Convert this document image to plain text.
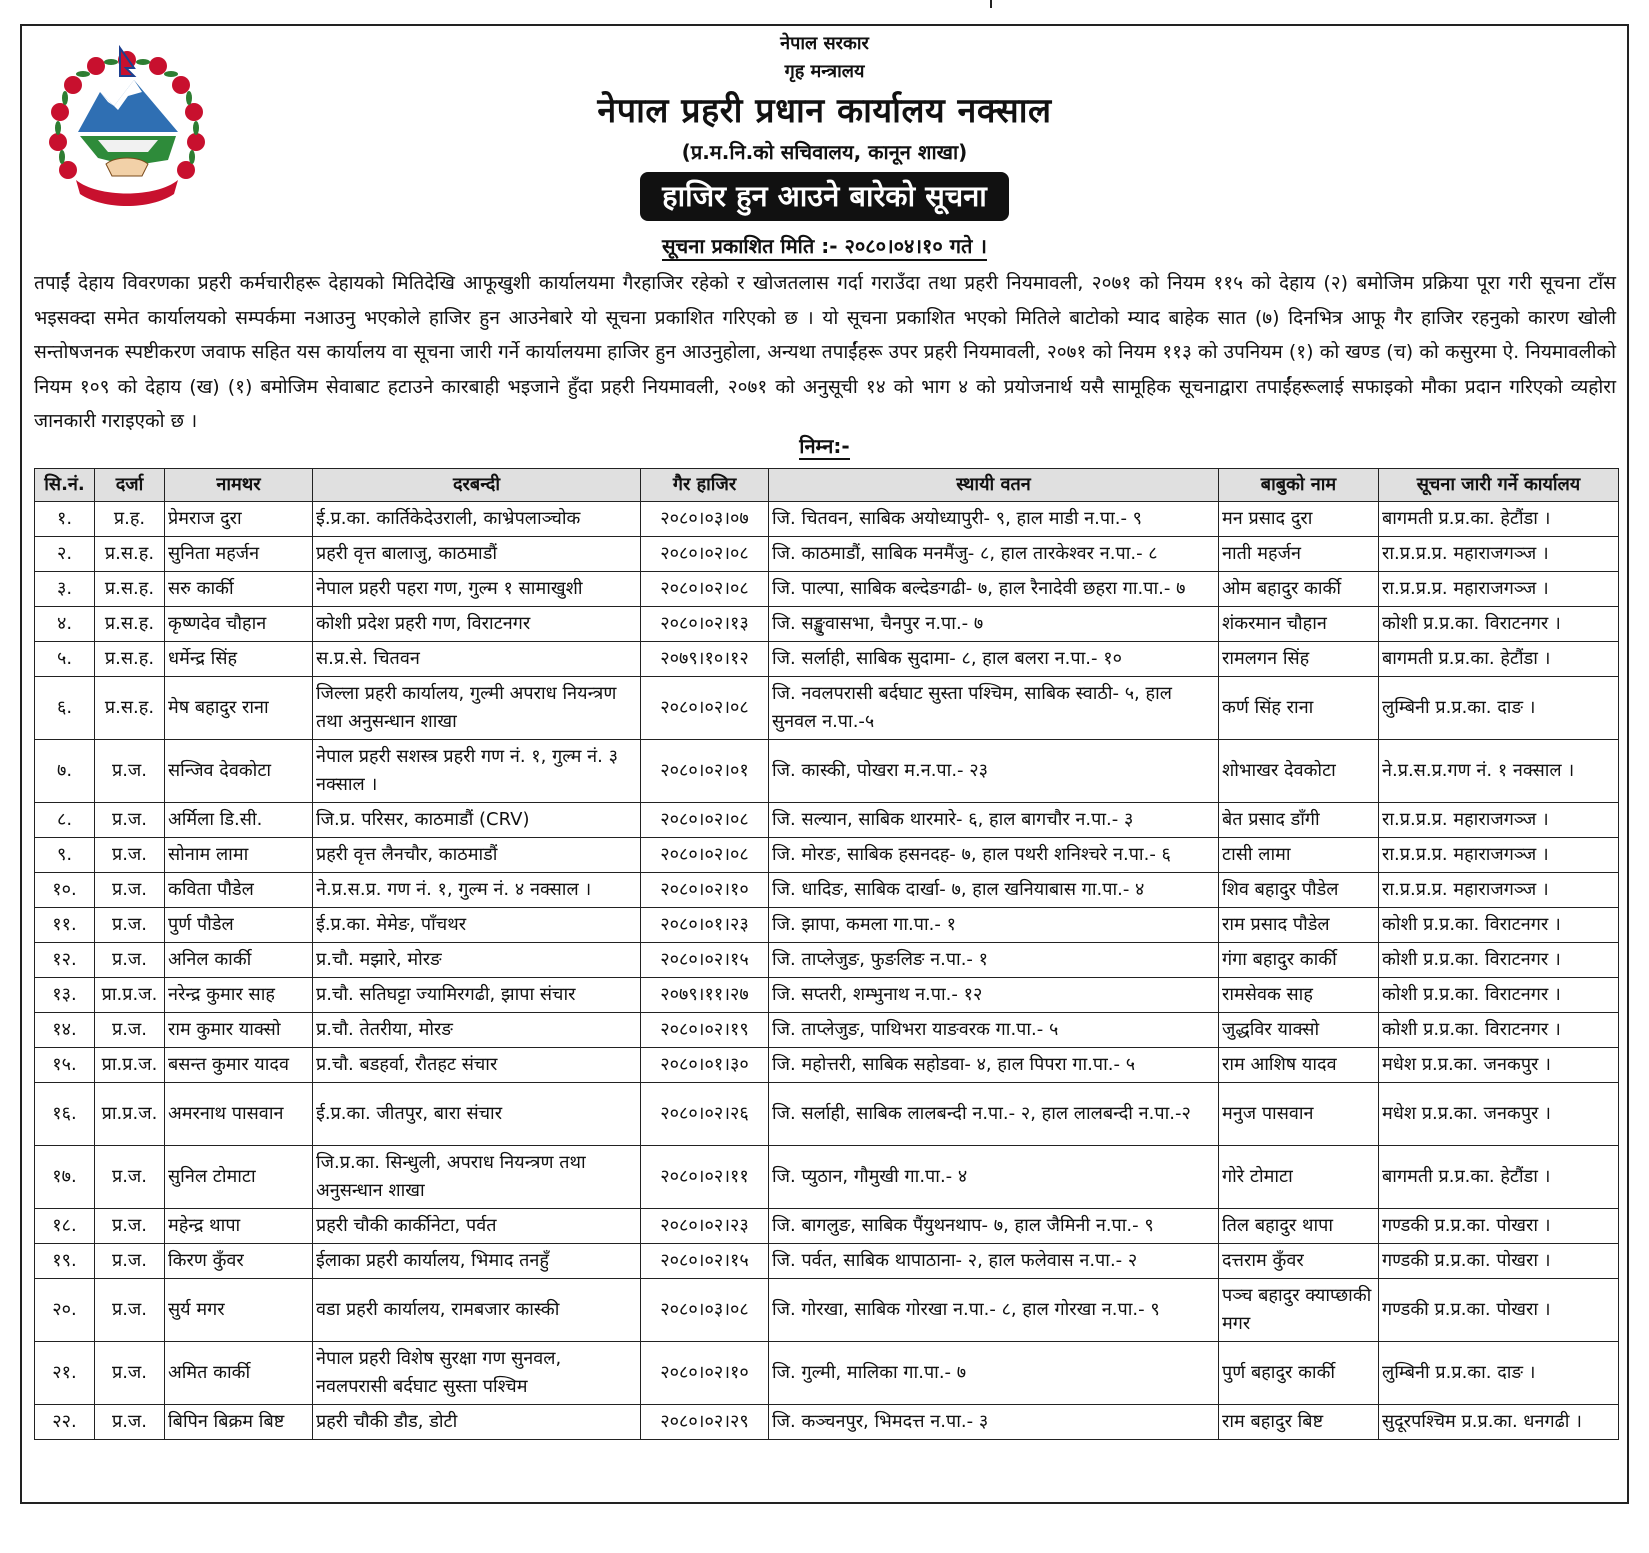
नेपाल सरकार
गृह मन्त्रालय
नेपाल प्रहरी प्रधान कार्यालय नक्साल
(प्र.म.नि.को सचिवालय, कानून शाखा)
हाजिर हुन आउने बारेको सूचना
सूचना प्रकाशित मिति :- २०८०।०४।१० गते ।
तपाईं देहाय विवरणका प्रहरी कर्मचारीहरू देहायको मितिदेखि आफूखुशी कार्यालयमा गैरहाजिर रहेको र खोजतलास गर्दा गराउँदा तथा प्रहरी नियमावली, २०७१ को नियम ११५ को देहाय (२) बमोजिम प्रक्रिया पूरा गरी सूचना टाँस भइसक्दा समेत कार्यालयको सम्पर्कमा नआउनु भएकोले हाजिर हुन आउनेबारे यो सूचना प्रकाशित गरिएको छ । यो सूचना प्रकाशित भएको मितिले बाटोको म्याद बाहेक सात (७) दिनभित्र आफू गैर हाजिर रहनुको कारण खोली सन्तोषजनक स्पष्टीकरण जवाफ सहित यस कार्यालय वा सूचना जारी गर्ने कार्यालयमा हाजिर हुन आउनुहोला, अन्यथा तपाईंहरू उपर प्रहरी नियमावली, २०७१ को नियम ११३ को उपनियम (१) को खण्ड (च) को कसुरमा ऐ. नियमावलीको नियम १०९ को देहाय (ख) (१) बमोजिम सेवाबाट हटाउने कारबाही भइजाने हुँदा प्रहरी नियमावली, २०७१ को अनुसूची १४ को भाग ४ को प्रयोजनार्थ यसै सामूहिक सूचनाद्वारा तपाईंहरूलाई सफाइको मौका प्रदान गरिएको व्यहोरा जानकारी गराइएको छ ।
निम्न:-
सि.नं.	दर्जा	नामथर	दरबन्दी	गैर हाजिर	स्थायी वतन	बाबुको नाम	सूचना जारी गर्ने कार्यालय
१.	प्र.ह.	प्रेमराज दुरा	ई.प्र.का. कार्तिकेदेउराली, काभ्रेपलाञ्चोक	२०८०।०३।०७	जि. चितवन, साबिक अयोध्यापुरी- ९, हाल माडी न.पा.- ९	मन प्रसाद दुरा	बागमती प्र.प्र.का. हेटौंडा ।
२.	प्र.स.ह.	सुनिता महर्जन	प्रहरी वृत्त बालाजु, काठमाडौं	२०८०।०२।०८	जि. काठमाडौं, साबिक मनमैंजु- ८, हाल तारकेश्वर न.पा.- ८	नाती महर्जन	रा.प्र.प्र.प्र. महाराजगञ्ज ।
३.	प्र.स.ह.	सरु कार्की	नेपाल प्रहरी पहरा गण, गुल्म १ सामाखुशी	२०८०।०२।०८	जि. पाल्पा, साबिक बल्देङगढी- ७, हाल रैनादेवी छहरा गा.पा.- ७	ओम बहादुर कार्की	रा.प्र.प्र.प्र. महाराजगञ्ज ।
४.	प्र.स.ह.	कृष्णदेव चौहान	कोशी प्रदेश प्रहरी गण, विराटनगर	२०८०।०२।१३	जि. सङ्खुवासभा, चैनपुर न.पा.- ७	शंकरमान चौहान	कोशी प्र.प्र.का. विराटनगर ।
५.	प्र.स.ह.	धर्मेन्द्र सिंह	स.प्र.से. चितवन	२०७९।१०।१२	जि. सर्लाही, साबिक सुदामा- ८, हाल बलरा न.पा.- १०	रामलगन सिंह	बागमती प्र.प्र.का. हेटौंडा ।
६.	प्र.स.ह.	मेष बहादुर राना	जिल्ला प्रहरी कार्यालय, गुल्मी अपराध नियन्त्रण तथा अनुसन्धान शाखा	२०८०।०२।०८	जि. नवलपरासी बर्दघाट सुस्ता पश्चिम, साबिक स्वाठी- ५, हाल सुनवल न.पा.-५	कर्ण सिंह राना	लुम्बिनी प्र.प्र.का. दाङ ।
७.	प्र.ज.	सन्जिव देवकोटा	नेपाल प्रहरी सशस्त्र प्रहरी गण नं. १, गुल्म नं. ३ नक्साल ।	२०८०।०२।०१	जि. कास्की, पोखरा म.न.पा.- २३	शोभाखर देवकोटा	ने.प्र.स.प्र.गण नं. १ नक्साल ।
८.	प्र.ज.	अर्मिला डि.सी.	जि.प्र. परिसर, काठमाडौं (CRV)	२०८०।०२।०८	जि. सल्यान, साबिक थारमारे- ६, हाल बागचौर न.पा.- ३	बेत प्रसाद डाँगी	रा.प्र.प्र.प्र. महाराजगञ्ज ।
९.	प्र.ज.	सोनाम लामा	प्रहरी वृत्त लैनचौर, काठमाडौं	२०८०।०२।०८	जि. मोरङ, साबिक हसनदह- ७, हाल पथरी शनिश्चरे न.पा.- ६	टासी लामा	रा.प्र.प्र.प्र. महाराजगञ्ज ।
१०.	प्र.ज.	कविता पौडेल	ने.प्र.स.प्र. गण नं. १, गुल्म नं. ४ नक्साल ।	२०८०।०२।१०	जि. धादिङ, साबिक दार्खा- ७, हाल खनियाबास गा.पा.- ४	शिव बहादुर पौडेल	रा.प्र.प्र.प्र. महाराजगञ्ज ।
११.	प्र.ज.	पुर्ण पौडेल	ई.प्र.का. मेमेङ, पाँचथर	२०८०।०१।२३	जि. झापा, कमला गा.पा.- १	राम प्रसाद पौडेल	कोशी प्र.प्र.का. विराटनगर ।
१२.	प्र.ज.	अनिल कार्की	प्र.चौ. मझारे, मोरङ	२०८०।०२।१५	जि. ताप्लेजुङ, फुङलिङ न.पा.- १	गंगा बहादुर कार्की	कोशी प्र.प्र.का. विराटनगर ।
१३.	प्रा.प्र.ज.	नरेन्द्र कुमार साह	प्र.चौ. सतिघट्टा ज्यामिरगढी, झापा संचार	२०७९।११।२७	जि. सप्तरी, शम्भुनाथ न.पा.- १२	रामसेवक साह	कोशी प्र.प्र.का. विराटनगर ।
१४.	प्र.ज.	राम कुमार याक्सो	प्र.चौ. तेतरीया, मोरङ	२०८०।०२।१९	जि. ताप्लेजुङ, पाथिभरा याङवरक गा.पा.- ५	जुद्धविर याक्सो	कोशी प्र.प्र.का. विराटनगर ।
१५.	प्रा.प्र.ज.	बसन्त कुमार यादव	प्र.चौ. बडहर्वा, रौतहट संचार	२०८०।०१।३०	जि. महोत्तरी, साबिक सहोडवा- ४, हाल पिपरा गा.पा.- ५	राम आशिष यादव	मधेश प्र.प्र.का. जनकपुर ।
१६.	प्रा.प्र.ज.	अमरनाथ पासवान	ई.प्र.का. जीतपुर, बारा संचार	२०८०।०२।२६	जि. सर्लाही, साबिक लालबन्दी न.पा.- २, हाल लालबन्दी न.पा.-२	मनुज पासवान	मधेश प्र.प्र.का. जनकपुर ।
१७.	प्र.ज.	सुनिल टोमाटा	जि.प्र.का. सिन्धुली, अपराध नियन्त्रण तथा अनुसन्धान शाखा	२०८०।०२।११	जि. प्युठान, गौमुखी गा.पा.- ४	गोरे टोमाटा	बागमती प्र.प्र.का. हेटौंडा ।
१८.	प्र.ज.	महेन्द्र थापा	प्रहरी चौकी कार्कीनेटा, पर्वत	२०८०।०२।२३	जि. बागलुङ, साबिक पैंयुथनथाप- ७, हाल जैमिनी न.पा.- ९	तिल बहादुर थापा	गण्डकी प्र.प्र.का. पोखरा ।
१९.	प्र.ज.	किरण कुँवर	ईलाका प्रहरी कार्यालय, भिमाद तनहुँ	२०८०।०२।१५	जि. पर्वत, साबिक थापाठाना- २, हाल फलेवास न.पा.- २	दत्तराम कुँवर	गण्डकी प्र.प्र.का. पोखरा ।
२०.	प्र.ज.	सुर्य मगर	वडा प्रहरी कार्यालय, रामबजार कास्की	२०८०।०३।०८	जि. गोरखा, साबिक गोरखा न.पा.- ८, हाल गोरखा न.पा.- ९	पञ्च बहादुर क्याप्छाकी मगर	गण्डकी प्र.प्र.का. पोखरा ।
२१.	प्र.ज.	अमित कार्की	नेपाल प्रहरी विशेष सुरक्षा गण सुनवल, नवलपरासी बर्दघाट सुस्ता पश्चिम	२०८०।०२।१०	जि. गुल्मी, मालिका गा.पा.- ७	पुर्ण बहादुर कार्की	लुम्बिनी प्र.प्र.का. दाङ ।
२२.	प्र.ज.	बिपिन बिक्रम बिष्ट	प्रहरी चौकी डौड, डोटी	२०८०।०२।२९	जि. कञ्चनपुर, भिमदत्त न.पा.- ३	राम बहादुर बिष्ट	सुदूरपश्चिम प्र.प्र.का. धनगढी ।
